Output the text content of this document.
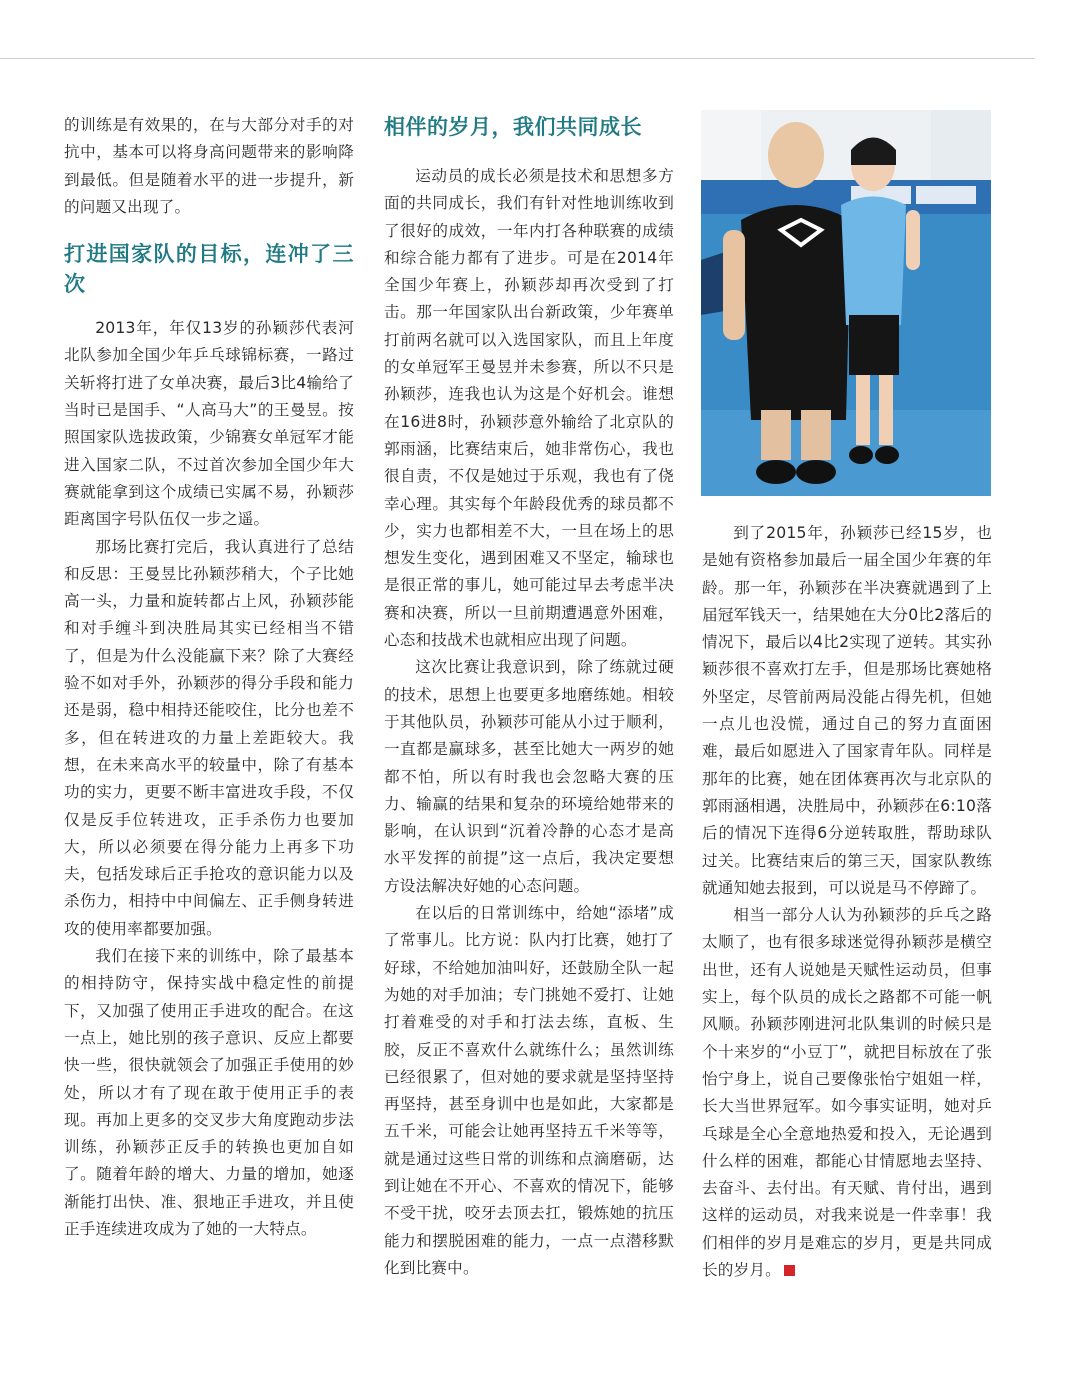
的训练是有效果的，在与大部分对手的对抗中，基本可以将身高问题带来的影响降到最低。但是随着水平的进一步提升，新的问题又出现了。

打进国家队的目标，连冲了三次

2013年，年仅13岁的孙颖莎代表河北队参加全国少年乒乓球锦标赛，一路过关斩将打进了女单决赛，最后3比4输给了当时已是国手、“人高马大”的王曼昱。按照国家队选拔政策，少锦赛女单冠军才能进入国家二队，不过首次参加全国少年大赛就能拿到这个成绩已实属不易，孙颖莎距离国字号队伍仅一步之遥。

那场比赛打完后，我认真进行了总结和反思：王曼昱比孙颖莎稍大，个子比她高一头，力量和旋转都占上风，孙颖莎能和对手缠斗到决胜局其实已经相当不错了，但是为什么没能赢下来？除了大赛经验不如对手外，孙颖莎的得分手段和能力还是弱，稳中相持还能咬住，比分也差不多，但在转进攻的力量上差距较大。我想，在未来高水平的较量中，除了有基本功的实力，更要不断丰富进攻手段，不仅仅是反手位转进攻，正手杀伤力也要加大，所以必须要在得分能力上再多下功夫，包括发球后正手抢攻的意识能力以及杀伤力，相持中中间偏左、正手侧身转进攻的使用率都要加强。

我们在接下来的训练中，除了最基本的相持防守，保持实战中稳定性的前提下，又加强了使用正手进攻的配合。在这一点上，她比别的孩子意识、反应上都要快一些，很快就领会了加强正手使用的妙处，所以才有了现在敢于使用正手的表现。再加上更多的交叉步大角度跑动步法训练，孙颖莎正反手的转换也更加自如了。随着年龄的增大、力量的增加，她逐渐能打出快、准、狠地正手进攻，并且使正手连续进攻成为了她的一大特点。

相伴的岁月，我们共同成长

运动员的成长必须是技术和思想多方面的共同成长，我们有针对性地训练收到了很好的成效，一年内打各种联赛的成绩和综合能力都有了进步。可是在2014年全国少年赛上，孙颖莎却再次受到了打击。那一年国家队出台新政策，少年赛单打前两名就可以入选国家队，而且上年度的女单冠军王曼昱并未参赛，所以不只是孙颖莎，连我也认为这是个好机会。谁想在16进8时，孙颖莎意外输给了北京队的郭雨涵，比赛结束后，她非常伤心，我也很自责，不仅是她过于乐观，我也有了侥幸心理。其实每个年龄段优秀的球员都不少，实力也都相差不大，一旦在场上的思想发生变化，遇到困难又不坚定，输球也是很正常的事儿，她可能过早去考虑半决赛和决赛，所以一旦前期遭遇意外困难，心态和技战术也就相应出现了问题。

这次比赛让我意识到，除了练就过硬的技术，思想上也要更多地磨练她。相较于其他队员，孙颖莎可能从小过于顺利，一直都是赢球多，甚至比她大一两岁的她都不怕，所以有时我也会忽略大赛的压力、输赢的结果和复杂的环境给她带来的影响，在认识到“沉着冷静的心态才是高水平发挥的前提”这一点后，我决定要想方设法解决好她的心态问题。

在以后的日常训练中，给她“添堵”成了常事儿。比方说：队内打比赛，她打了好球，不给她加油叫好，还鼓励全队一起为她的对手加油；专门挑她不爱打、让她打着难受的对手和打法去练，直板、生胶，反正不喜欢什么就练什么；虽然训练已经很累了，但对她的要求就是坚持坚持再坚持，甚至身训中也是如此，大家都是五千米，可能会让她再坚持五千米等等，就是通过这些日常的训练和点滴磨砺，达到让她在不开心、不喜欢的情况下，能够不受干扰，咬牙去顶去扛，锻炼她的抗压能力和摆脱困难的能力，一点一点潜移默化到比赛中。

到了2015年，孙颖莎已经15岁，也是她有资格参加最后一届全国少年赛的年龄。那一年，孙颖莎在半决赛就遇到了上届冠军钱天一，结果她在大分0比2落后的情况下，最后以4比2实现了逆转。其实孙颖莎很不喜欢打左手，但是那场比赛她格外坚定，尽管前两局没能占得先机，但她一点儿也没慌，通过自己的努力直面困难，最后如愿进入了国家青年队。同样是那年的比赛，她在团体赛再次与北京队的郭雨涵相遇，决胜局中，孙颖莎在6:10落后的情况下连得6分逆转取胜，帮助球队过关。比赛结束后的第三天，国家队教练就通知她去报到，可以说是马不停蹄了。

相当一部分人认为孙颖莎的乒乓之路太顺了，也有很多球迷觉得孙颖莎是横空出世，还有人说她是天赋性运动员，但事实上，每个队员的成长之路都不可能一帆风顺。孙颖莎刚进河北队集训的时候只是个十来岁的“小豆丁”，就把目标放在了张怡宁身上，说自己要像张怡宁姐姐一样，长大当世界冠军。如今事实证明，她对乒乓球是全心全意地热爱和投入，无论遇到什么样的困难，都能心甘情愿地去坚持、去奋斗、去付出。有天赋、肯付出，遇到这样的运动员，对我来说是一件幸事！我们相伴的岁月是难忘的岁月，更是共同成长的岁月。
